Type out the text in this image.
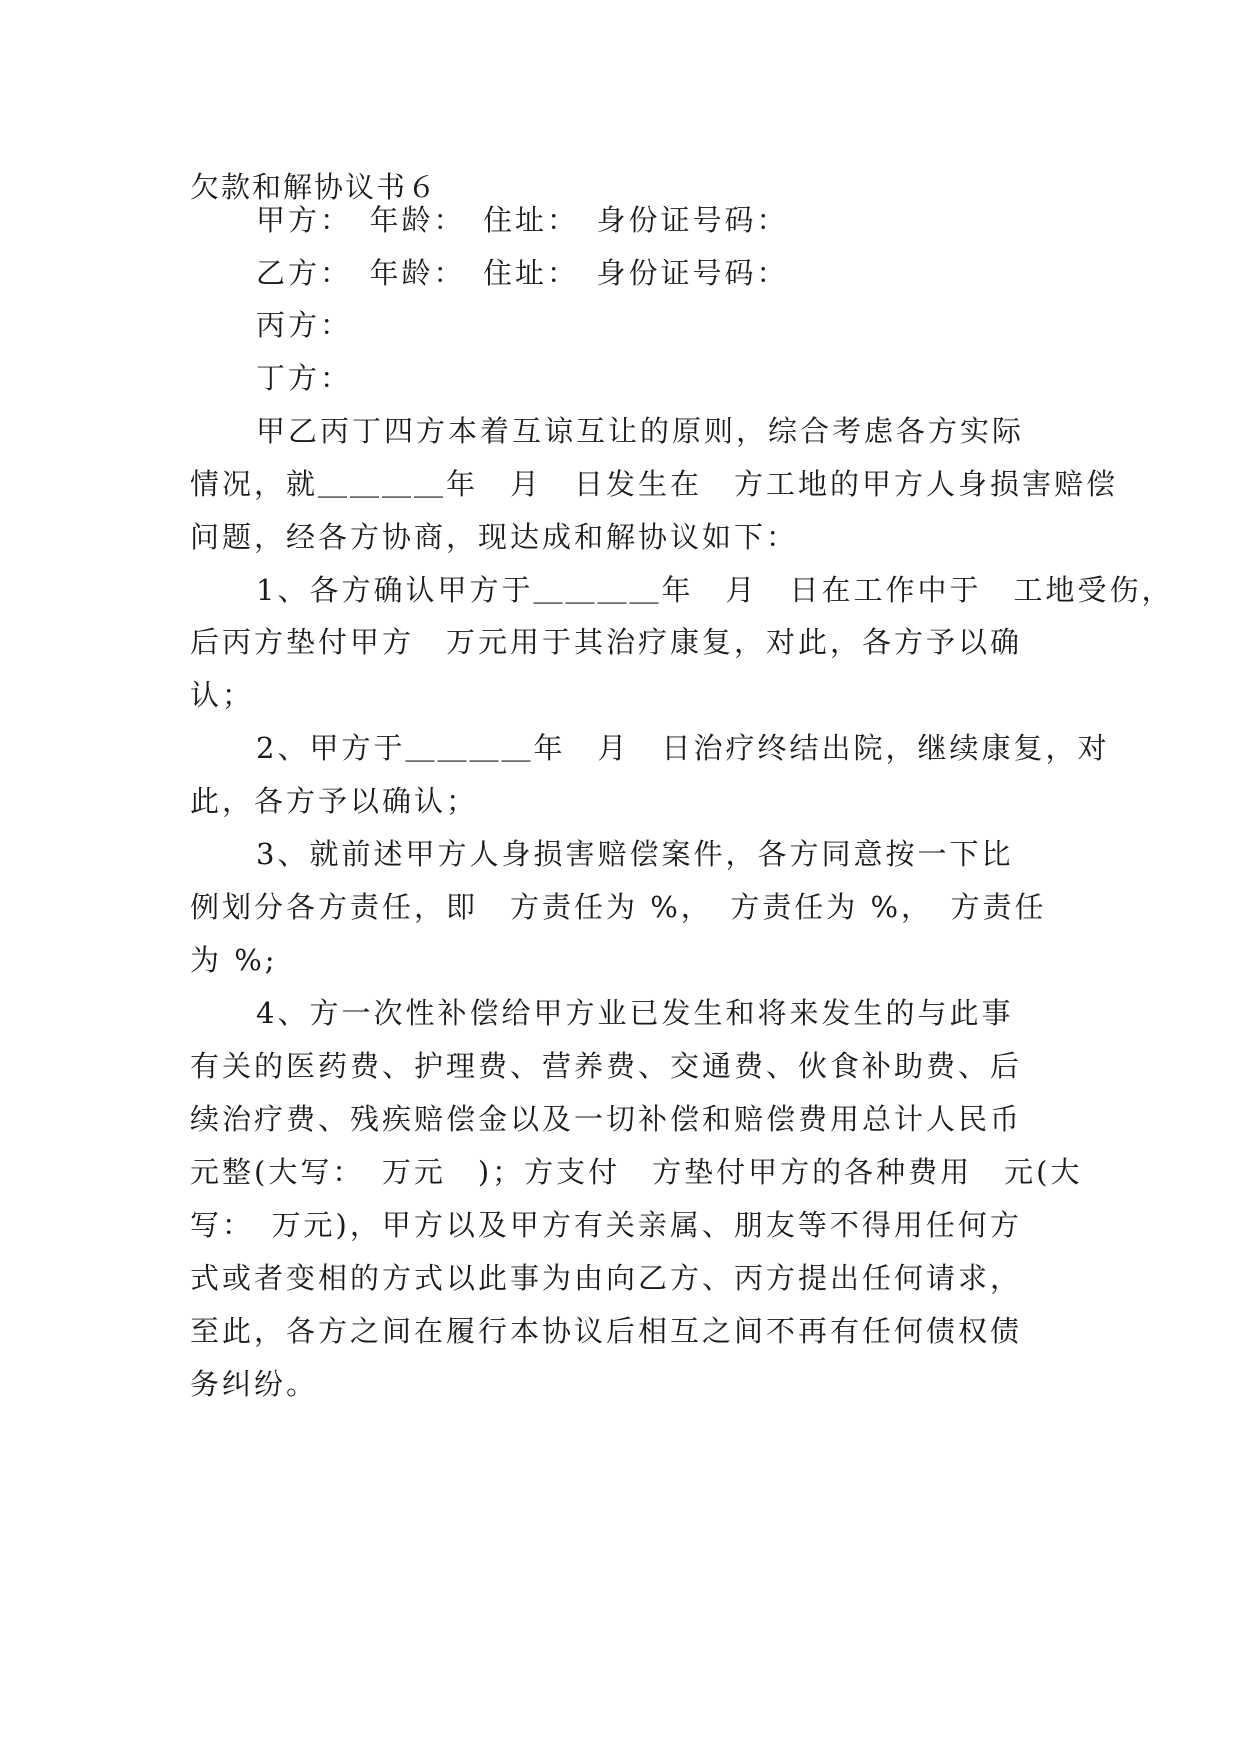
欠款和解协议书６
甲方：　年龄：　住址：　身份证号码：
乙方：　年龄：　住址：　身份证号码：
丙方：
丁方：
甲乙丙丁四方本着互谅互让的原则，综合考虑各方实际
情况，就＿＿＿＿年　月　日发生在　方工地的甲方人身损害赔偿
问题，经各方协商，现达成和解协议如下：
1、各方确认甲方于＿＿＿＿年　月　日在工作中于　工地受伤，
后丙方垫付甲方　万元用于其治疗康复，对此，各方予以确
认；
2、甲方于＿＿＿＿年　月　日治疗终结出院，继续康复，对
此，各方予以确认；
3、就前述甲方人身损害赔偿案件，各方同意按一下比
例划分各方责任，即　方责任为 %，　方责任为 %，　方责任
为 %;
4、方一次性补偿给甲方业已发生和将来发生的与此事
有关的医药费、护理费、营养费、交通费、伙食补助费、后
续治疗费、残疾赔偿金以及一切补偿和赔偿费用总计人民币
元整(大写：　万元　)；方支付　方垫付甲方的各种费用　元(大
写：　万元)，甲方以及甲方有关亲属、朋友等不得用任何方
式或者变相的方式以此事为由向乙方、丙方提出任何请求，
至此，各方之间在履行本协议后相互之间不再有任何债权债
务纠纷。
